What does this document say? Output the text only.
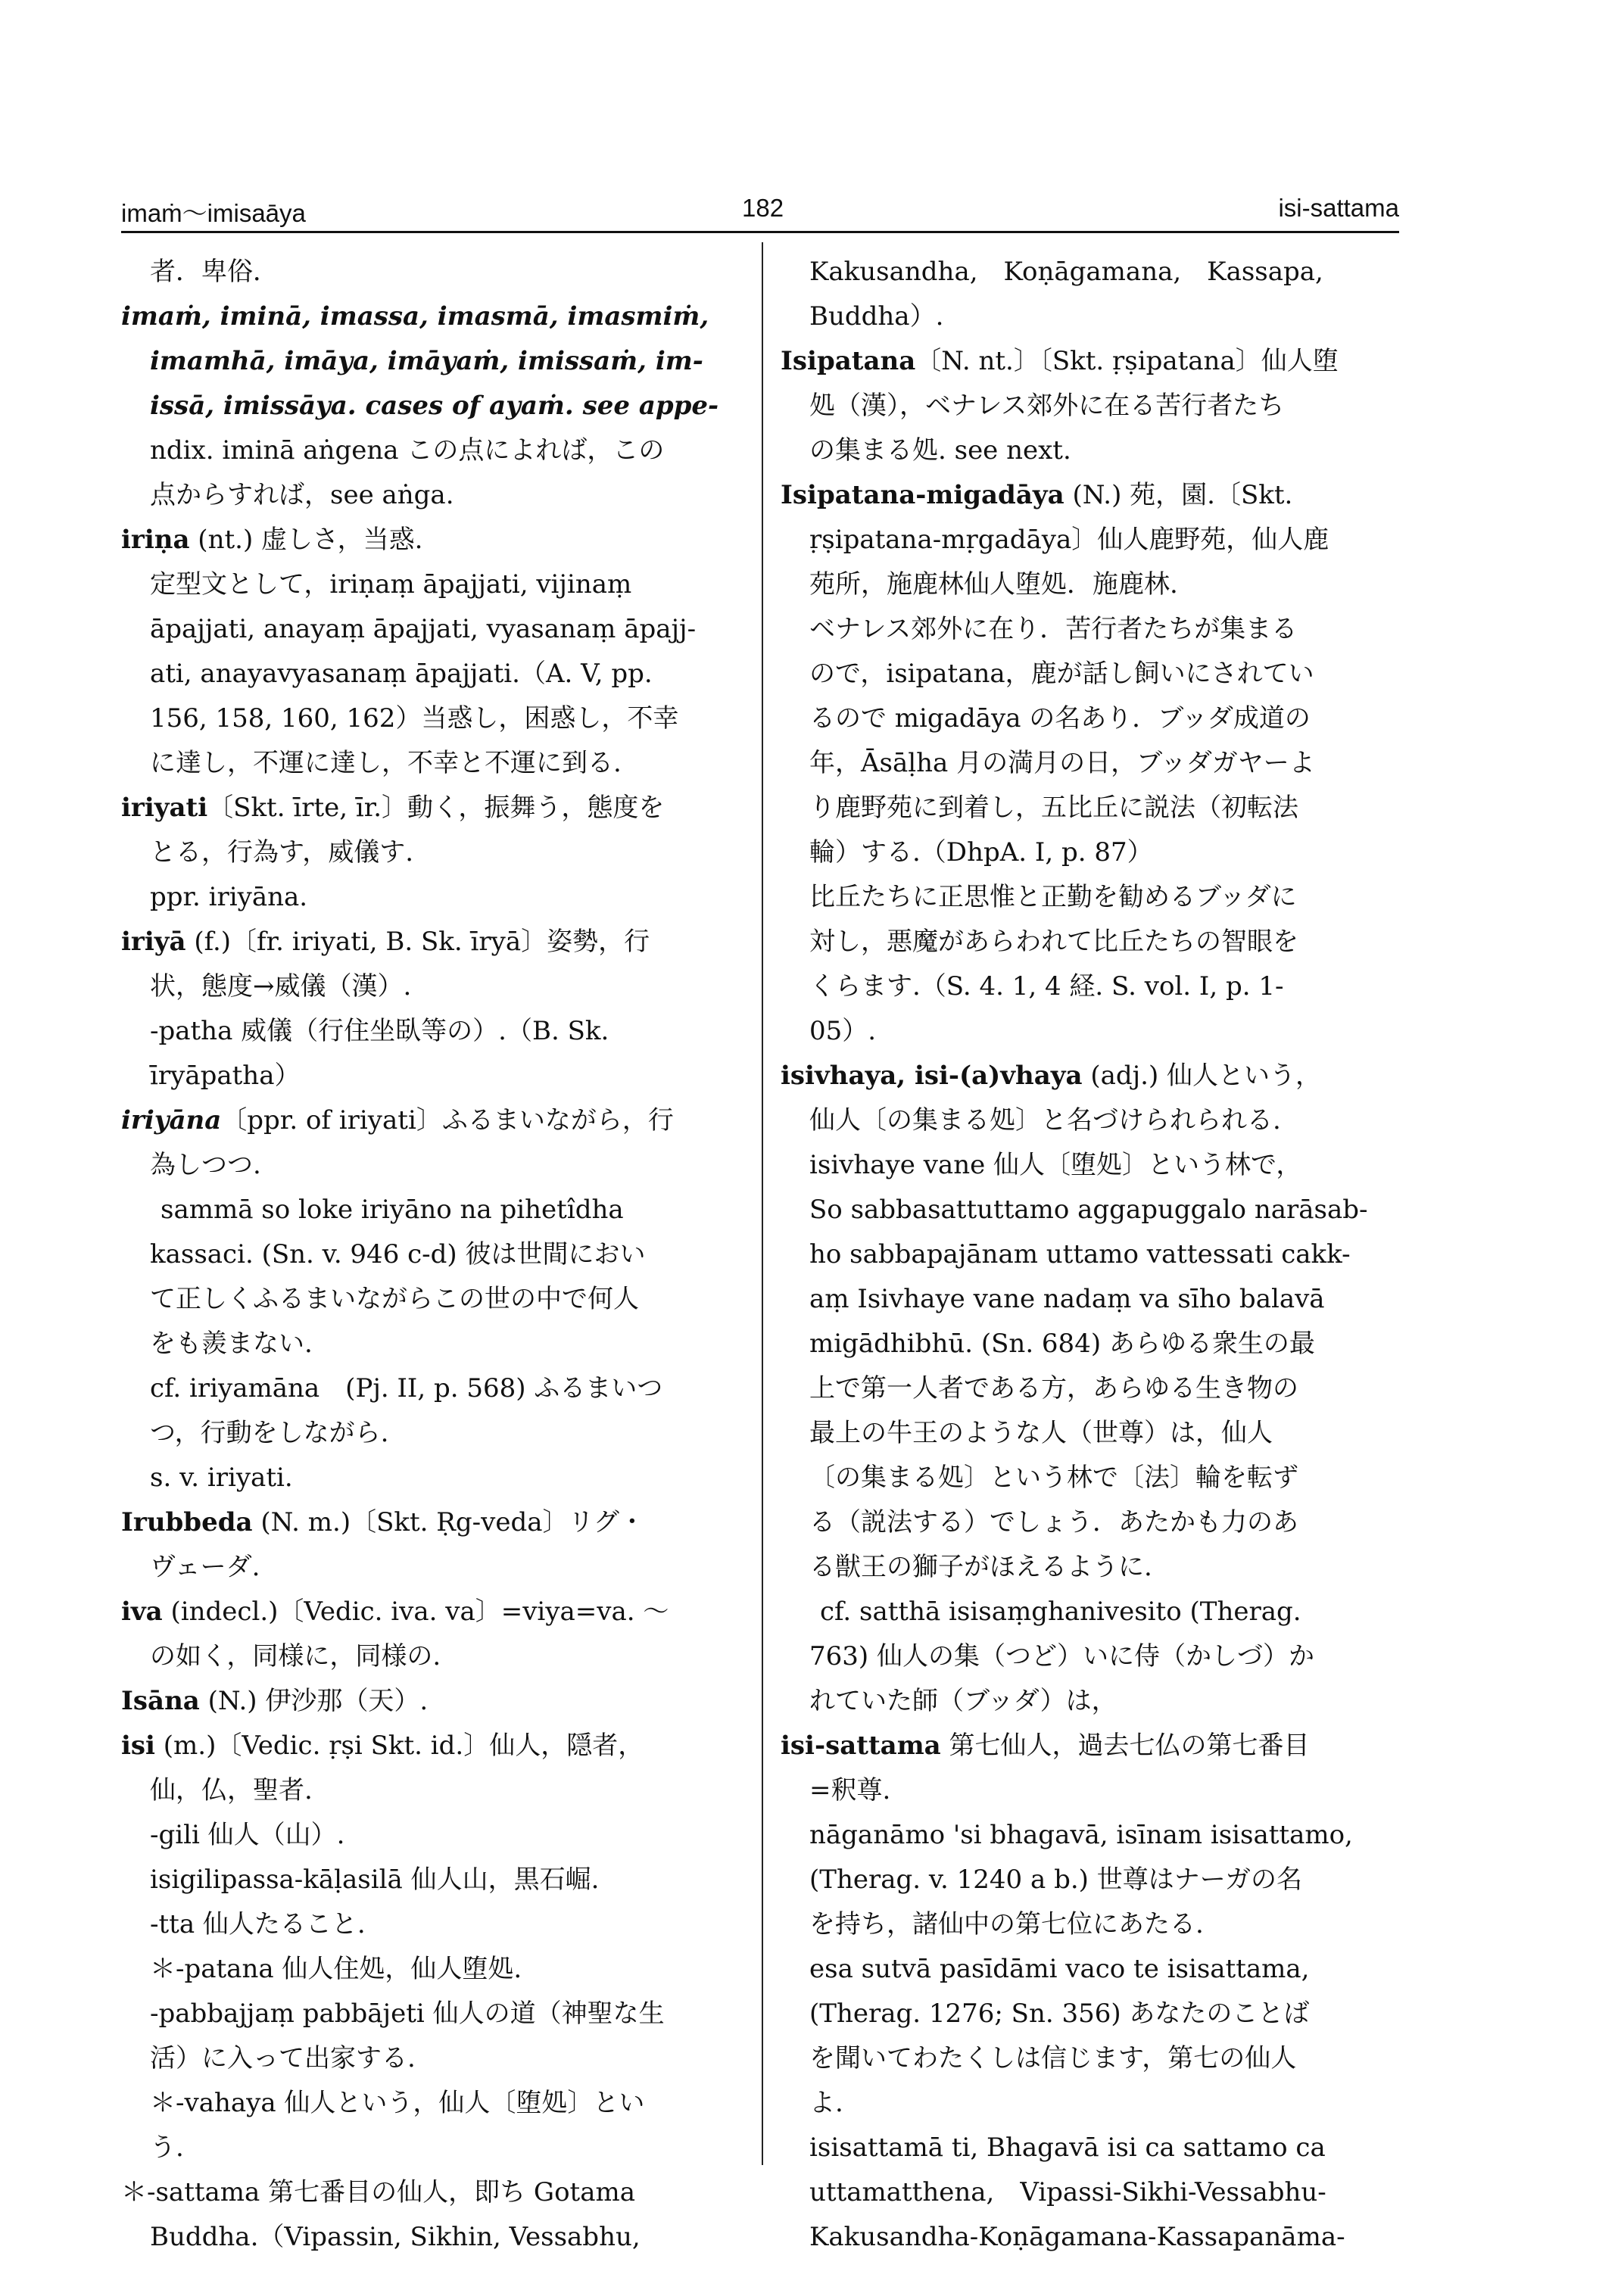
imaṁ～imisaāya	182	isi-sattama
者．卑俗．
imaṁ, iminā, imassa, imasmā, imasmiṁ,
imamhā, imāya, imāyaṁ, imissaṁ, im-
issā, imissāya. cases of ayaṁ. see appe-
ndix. iminā aṅgena この点によれば，この
点からすれば，see aṅga.
iriṇa (nt.) 虚しさ，当惑.
定型文として，iriṇaṃ āpajjati, vijinaṃ
āpajjati, anayaṃ āpajjati, vyasanaṃ āpajj-
ati, anayavyasanaṃ āpajjati.（A. V, pp.
156, 158, 160, 162）当惑し，困惑し，不幸
に達し，不運に達し，不幸と不運に到る.
iriyati〔Skt. īrte, īr.〕動く，振舞う，態度を
とる，行為す，威儀す.
ppr. iriyāna.
iriyā (f.)〔fr. iriyati, B. Sk. īryā〕姿勢，行
状，態度→威儀（漢）.
-patha 威儀（行住坐臥等の）.（B. Sk.
īryāpatha）
iriyāna〔ppr. of iriyati〕ふるまいながら，行
為しつつ.
sammā so loke iriyāno na pihetîdha
kassaci. (Sn. v. 946 c-d) 彼は世間におい
て正しくふるまいながらこの世の中で何人
をも羨まない.
cf. iriyamāna　(Pj. II, p. 568) ふるまいつ
つ，行動をしながら.
s. v. iriyati.
Irubbeda (N. m.)〔Skt. Ṛg-veda〕リグ・
ヴェーダ.
iva (indecl.)〔Vedic. iva. va〕=viya=va. ～
の如く，同様に，同様の.
Isāna (N.) 伊沙那（天）.
isi (m.)〔Vedic. ṛṣi Skt. id.〕仙人，隠者，
仙，仏，聖者.
-gili 仙人（山）.
isigilipassa-kāḷasilā 仙人山，黒石崛.
-tta 仙人たること.
＊-patana 仙人住処，仙人堕処.
-pabbajjaṃ pabbājeti 仙人の道（神聖な生
活）に入って出家する.
＊-vahaya 仙人という，仙人〔堕処〕とい
う.
＊-sattama 第七番目の仙人，即ち Gotama
Buddha.（Vipassin, Sikhin, Vessabhu,
Kakusandha,　Koṇāgamana,　Kassapa,
Buddha）.
Isipatana〔N. nt.〕〔Skt. ṛṣipatana〕仙人堕
処（漢），ベナレス郊外に在る苦行者たち
の集まる処. see next.
Isipatana-migadāya (N.) 苑，園.〔Skt.
ṛṣipatana-mṛgadāya〕仙人鹿野苑，仙人鹿
苑所，施鹿林仙人堕処．施鹿林.
ベナレス郊外に在り．苦行者たちが集まる
ので，isipatana，鹿が話し飼いにされてい
るので migadāya の名あり．ブッダ成道の
年，Āsāḷha 月の満月の日，ブッダガヤーよ
り鹿野苑に到着し，五比丘に説法（初転法
輪）する.（DhpA. I, p. 87）
比丘たちに正思惟と正勤を勧めるブッダに
対し，悪魔があらわれて比丘たちの智眼を
くらます.（S. 4. 1, 4 経. S. vol. I, p. 1-
05）.
isivhaya, isi-(a)vhaya (adj.) 仙人という，
仙人〔の集まる処〕と名づけられられる.
isivhaye vane 仙人〔堕処〕という林で，
So sabbasattuttamo aggapuggalo narāsab-
ho sabbapajānam uttamo vattessati cakk-
aṃ Isivhaye vane nadaṃ va sīho balavā
migādhibhū. (Sn. 684) あらゆる衆生の最
上で第一人者である方，あらゆる生き物の
最上の牛王のような人（世尊）は，仙人
〔の集まる処〕という林で〔法〕輪を転ず
る（説法する）でしょう．あたかも力のあ
る獣王の獅子がほえるように.
cf. satthā isisaṃghanivesito (Therag.
763) 仙人の集（つど）いに侍（かしづ）か
れていた師（ブッダ）は，
isi-sattama 第七仙人，過去七仏の第七番目
=釈尊.
nāganāmo 'si bhagavā, isīnam isisattamo,
(Therag. v. 1240 a b.) 世尊はナーガの名
を持ち，諸仙中の第七位にあたる.
esa sutvā pasīdāmi vaco te isisattama,
(Therag. 1276; Sn. 356) あなたのことば
を聞いてわたくしは信じます，第七の仙人
よ.
isisattamā ti, Bhagavā isi ca sattamo ca
uttamatthena,　Vipassi-Sikhi-Vessabhu-
Kakusandha-Koṇāgamana-Kassapanāma-
